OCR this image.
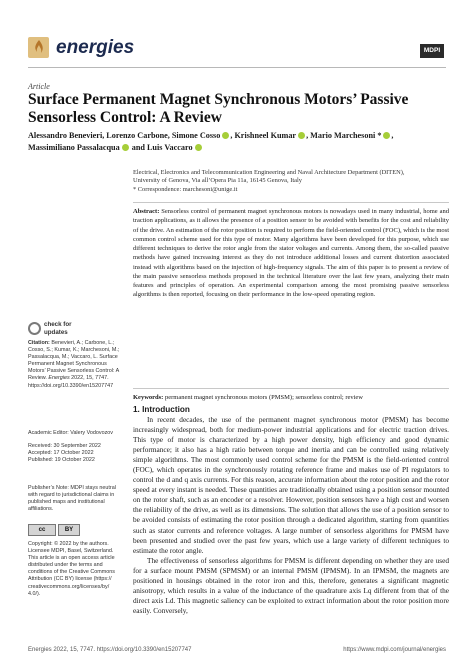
energies	MDPI
Article
Surface Permanent Magnet Synchronous Motors’ Passive Sensorless Control: A Review
Alessandro Benevieri, Lorenzo Carbone, Simone Cosso , Krishneel Kumar , Mario Marchesoni * ,
Massimiliano Passalacqua and Luis Vaccaro
Electrical, Electronics and Telecommunication Engineering and Naval Architecture Department (DITEN),
University of Genova, Via all’Opera Pia 11a, 16145 Genova, Italy
* Correspondence: marchesoni@unige.it
Abstract: Sensorless control of permanent magnet synchronous motors is nowadays used in many industrial, home and traction applications, as it allows the presence of a position sensor to be avoided with benefits for the cost and reliability of the drive. An estimation of the rotor position is required to perform the field-oriented control (FOC), which is the most common control scheme used for this type of motor. Many algorithms have been developed for this purpose, which use different techniques to derive the rotor angle from the stator voltages and currents. Among them, the so-called passive methods have gained increasing interest as they do not introduce additional losses and current distortion associated instead with algorithms based on the injection of high-frequency signals. The aim of this paper is to present a review of the main passive sensorless methods proposed in the technical literature over the last few years, analyzing their main features and principles of operation. An experimental comparison among the most promising passive sensorless algorithms is then reported, focusing on their performance in the low-speed operating region.
Keywords: permanent magnet synchronous motors (PMSM); sensorless control; review
check for
updates
Citation: Benevieri, A.; Carbone, L.; Cosso, S.; Kumar, K.; Marchesoni, M.; Passalacqua, M.; Vaccaro, L. Surface Permanent Magnet Synchronous Motors’ Passive Sensorless Control: A Review. Energies 2022, 15, 7747. https://doi.org/10.3390/en15207747
Academic Editor: Valery Vodovozov
Received: 30 September 2022
Accepted: 17 October 2022
Published: 19 October 2022
Publisher’s Note: MDPI stays neutral with regard to jurisdictional claims in published maps and institutional affiliations.
cc	BY
Copyright: © 2022 by the authors. Licensee MDPI, Basel, Switzerland. This article is an open access article distributed under the terms and conditions of the Creative Commons Attribution (CC BY) license (https:// creativecommons.org/licenses/by/ 4.0/).
1. Introduction

In recent decades, the use of the permanent magnet synchronous motor (PMSM) has become increasingly widespread, both for medium-power industrial applications and for electric traction drives. This type of motor is characterized by a high power density, high efficiency and good dynamic performance; it also has a high ratio between torque and inertia and can be controlled using relatively simple algorithms. The most commonly used control scheme for the PMSM is the field-oriented control (FOC), which operates in the synchronously rotating reference frame and makes use of PI regulators to control the d and q axis currents. For this reason, accurate information about the rotor position and the rotor speed at every instant is needed. These quantities are traditionally obtained using a position sensor mounted on the rotor shaft, such as an encoder or a resolver. However, position sensors have a high cost and worsen the reliability of the drive, as well as its dimensions. The solution that allows the use of a position sensor to be avoided consists of estimating the rotor position through a dedicated algorithm, starting from quantities such as stator currents and reference voltages. A large number of sensorless algorithms for PMSM have been presented and studied over the past few years, which use a large variety of different techniques to estimate the rotor angle.

The effectiveness of sensorless algorithms for PMSM is different depending on whether they are used for a surface mount PMSM (SPMSM) or an internal PMSM (IPMSM). In an IPMSM, the magnets are positioned in housings obtained in the rotor iron and this, therefore, generates a significant magnetic anisotropy, which results in a value of the inductance of the quadrature axis Lq different from that of the direct axis Ld. This magnetic saliency can be exploited to extract information about the rotor position more easily. Conversely,

Energies 2022, 15, 7747. https://doi.org/10.3390/en15207747	https://www.mdpi.com/journal/energies
